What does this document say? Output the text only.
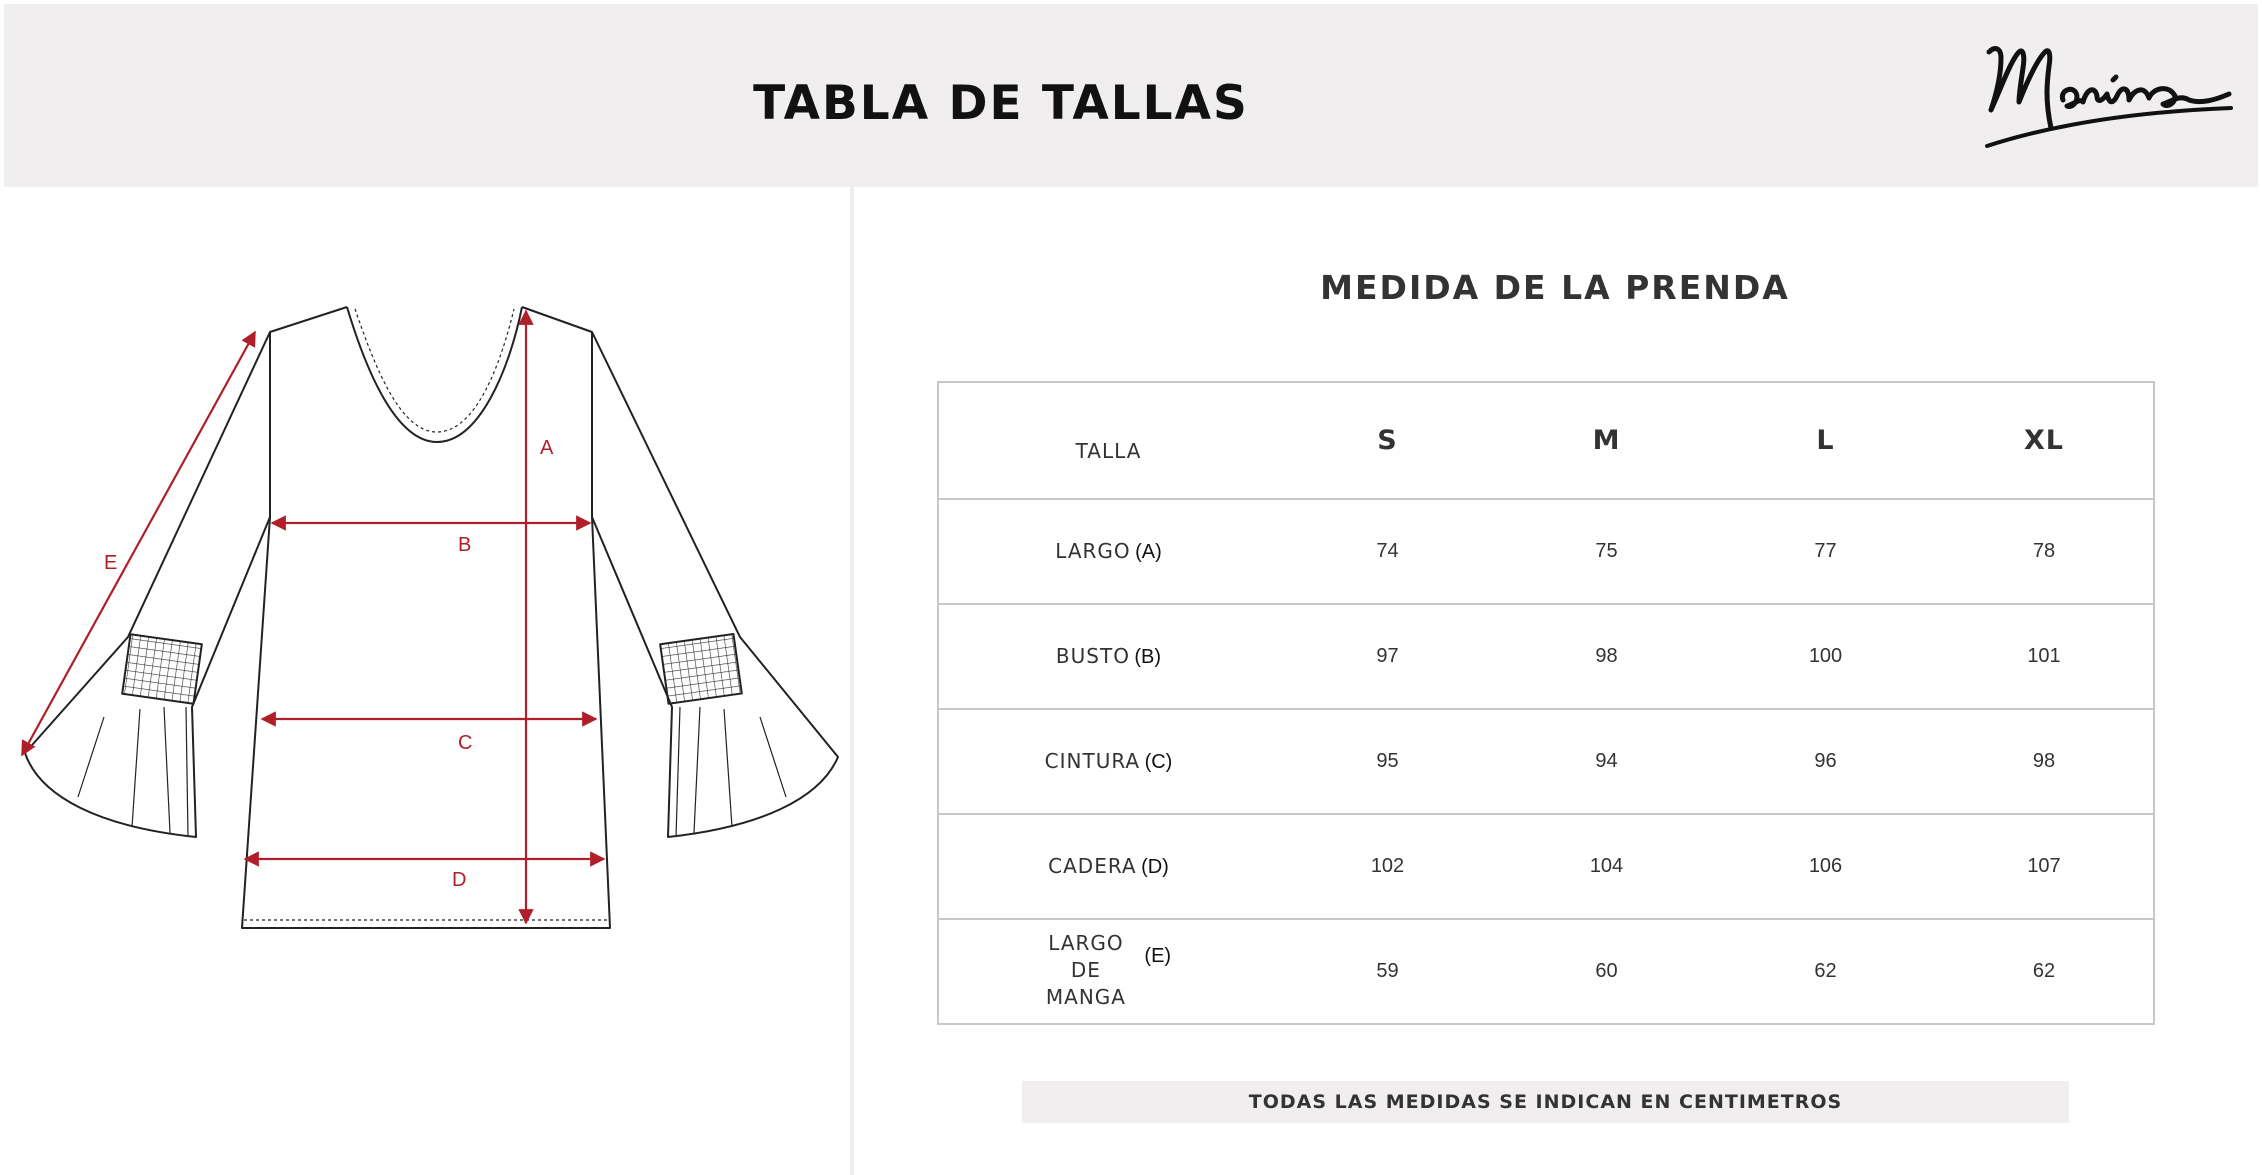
TABLA DE TALLAS
A
B
C
D
E
MEDIDA DE LA PRENDA
TALLA	S	M	L	XL
LARGO (A)	74	75	77	78
BUSTO (B)	97	98	100	101
CINTURA (C)	95	94	96	98
CADERA (D)	102	104	106	107
LARGO
DE
MANGA (E)	59	60	62	62
TODAS LAS MEDIDAS SE INDICAN EN CENTIMETROS
